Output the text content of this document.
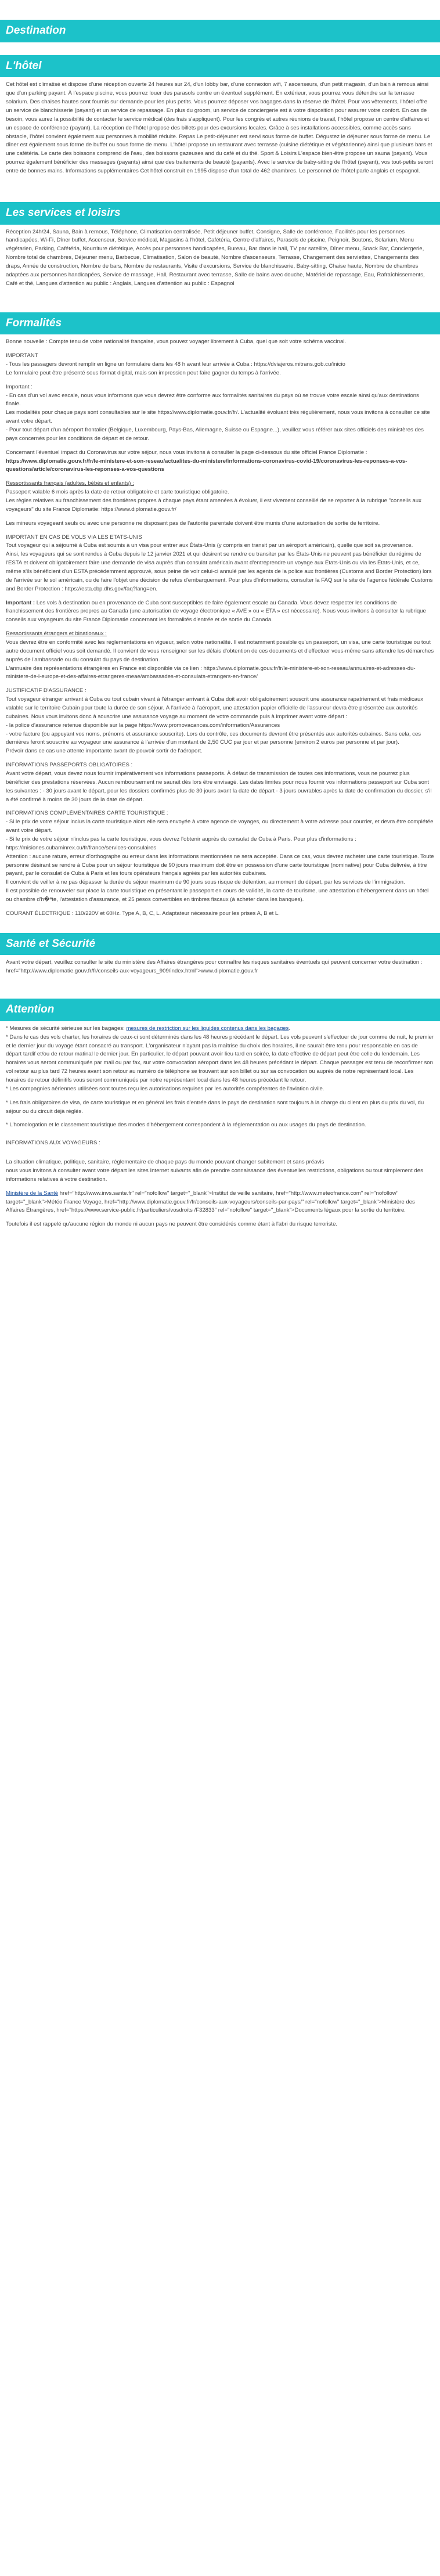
Destination
L'hôtel

Cet hôtel est climatisé et dispose d'une réception ouverte 24 heures sur 24, d'un lobby bar, d'une connexion wifi, 7 ascenseurs, d'un petit magasin, d'un bain à remous ainsi que d'un parking payant. À l'espace piscine, vous pourrez louer des parasols contre un éventuel supplément. En extérieur, vous pourrez vous détendre sur la terrasse solarium. Des chaises hautes sont fournis sur demande pour les plus petits. Vous pourrez déposer vos bagages dans la réserve de l'hôtel. Pour vos vêtements, l'hôtel offre un service de blanchisserie (payant) et un service de repassage. En plus du groom, un service de conciergerie est à votre disposition pour assurer votre confort. En cas de besoin, vous aurez la possibilité de contacter le service médical (des frais s'appliquent). Pour les congrès et autres réunions de travail, l'hôtel propose un centre d'affaires et un espace de conférence (payant). La réception de l'hôtel propose des billets pour des excursions locales. Grâce à ses installations accessibles, comme accès sans obstacle, l'hôtel convient également aux personnes à mobilité réduite. Repas Le petit-déjeuner est servi sous forme de buffet. Dégustez le déjeuner sous forme de menu. Le dîner est également sous forme de buffet ou sous forme de menu. L'hôtel propose un restaurant avec terrasse (cuisine diététique et végétarienne) ainsi que plusieurs bars et une cafétéria. Le carte des boissons comprend de l'eau, des boissons gazeuses and du café et du thé. Sport & Loisirs L'espace bien-être propose un sauna (payant). Vous pourrez également bénéficier des massages (payants) ainsi que des traitements de beauté (payants). Avec le service de baby-sitting de l'hôtel (payant), vos tout-petits seront entre de bonnes mains. Informations supplémentaires Cet hôtel construit en 1995 dispose d'un total de 462 chambres. Le personnel de l'hôtel parle anglais et espagnol.

Les services et loisirs

Réception 24h/24, Sauna, Bain à remous, Téléphone, Climatisation centralisée, Petit déjeuner buffet, Consigne, Salle de conférence, Facilités pour les personnes handicapées, Wi-Fi, Dîner buffet, Ascenseur, Service médical, Magasins à l'hôtel, Cafétéria, Centre d'affaires, Parasols de piscine, Peignoir, Boutons, Solarium, Menu végétarien, Parking, Cafétéria, Nourriture diététique, Accès pour personnes handicapées, Bureau, Bar dans le hall, TV par satellite, Dîner menu, Snack Bar, Conciergerie, Nombre total de chambres, Déjeuner menu, Barbecue, Climatisation, Salon de beauté, Nombre d'ascenseurs, Terrasse, Changement des serviettes, Changements des draps, Année de construction, Nombre de bars, Nombre de restaurants, Visite d'excursions, Service de blanchisserie, Baby-sitting, Chaise haute, Nombre de chambres adaptées aux personnes handicapées, Service de massage, Hall, Restaurant avec terrasse, Salle de bains avec douche, Matériel de repassage, Eau, Rafraîchissements, Café et thé, Langues d'attention au public : Anglais, Langues d'attention au public : Espagnol

Formalités

Bonne nouvelle : Compte tenu de votre nationalité française, vous pouvez voyager librement à Cuba, quel que soit votre schéma vaccinal.

IMPORTANT

- Tous les passagers devront remplir en ligne un formulaire dans les 48 h avant leur arrivée à Cuba : https://dviajeros.mitrans.gob.cu/inicio
Le formulaire peut être présenté sous format digital, mais son impression peut faire gagner du temps à l'arrivée.

Important :

- En cas d'un vol avec escale, nous vous informons que vous devrez être conforme aux formalités sanitaires du pays où se trouve votre escale ainsi qu'aux destinations finale.
Les modalités pour chaque pays sont consultables sur le site https://www.diplomatie.gouv.fr/fr/. L'actualité évoluant très régulièrement, nous vous invitons à consulter ce site avant votre départ.
- Pour tout départ d'un aéroport frontalier (Belgique, Luxembourg, Pays-Bas, Allemagne, Suisse ou Espagne...), veuillez vous référer aux sites officiels des ministères des pays concernés pour les conditions de départ et de retour.

Concernant l'éventuel impact du Coronavirus sur votre séjour, nous vous invitons à consulter la page ci-dessous du site officiel France Diplomatie :

https://www.diplomatie.gouv.fr/fr/le-ministere-et-son-reseau/actualites-du-ministere/informations-coronavirus-covid-19/coronavirus-les-reponses-a-vos-questions/article/coronavirus-les-reponses-a-vos-questions

Ressortissants français (adultes, bébés et enfants) :

Passeport valable 6 mois après la date de retour obligatoire et carte touristique obligatoire.
Les règles relatives au franchissement des frontières propres à chaque pays étant amenées à évoluer, il est vivement conseillé de se reporter à la rubrique "conseils aux voyageurs" du site France Diplomatie: https://www.diplomatie.gouv.fr/

Les mineurs voyageant seuls ou avec une personne ne disposant pas de l'autorité parentale doivent être munis d'une autorisation de sortie de territoire.

IMPORTANT EN CAS DE VOLS VIA LES ETATS-UNIS

Tout voyageur qui a séjourné à Cuba est soumis à un visa pour entrer aux États-Unis (y compris en transit par un aéroport américain), quelle que soit sa provenance.
Ainsi, les voyageurs qui se sont rendus à Cuba depuis le 12 janvier 2021 et qui désirent se rendre ou transiter par les États-Unis ne peuvent pas bénéficier du régime de l'ESTA et doivent obligatoirement faire une demande de visa auprès d'un consulat américain avant d'entreprendre un voyage aux États-Unis ou via les États-Unis, et ce, même s'ils bénéficient d'un ESTA précédemment approuvé, sous peine de voir celui-ci annulé par les agents de la police aux frontières (Customs and Border Protection) lors de l'arrivée sur le sol américain, ou de faire l'objet une décision de refus d'embarquement. Pour plus d'informations, consulter la FAQ sur le site de l'agence fédérale Customs and Border Protection : https://esta.cbp.dhs.gov/faq?lang=en.

Important : Les vols à destination ou en provenance de Cuba sont susceptibles de faire également escale au Canada. Vous devez respecter les conditions de franchissement des frontières propres au Canada (une autorisation de voyage électronique « AVE » ou « ETA » est nécessaire). Nous vous invitons à consulter la rubrique conseils aux voyageurs du site France Diplomatie concernant les formalités d'entrée et de sortie du Canada.

Ressortissants étrangers et binationaux :

Vous devrez être en conformité avec les réglementations en vigueur, selon votre nationalité. Il est notamment possible qu'un passeport, un visa, une carte touristique ou tout autre document officiel vous soit demandé. Il convient de vous renseigner sur les délais d'obtention de ces documents et d'effectuer vous-même sans attendre les démarches auprès de l'ambassade ou du consulat du pays de destination.
L'annuaire des représentations étrangères en France est disponible via ce lien : https://www.diplomatie.gouv.fr/fr/le-ministere-et-son-reseau/annuaires-et-adresses-du-ministere-de-l-europe-et-des-affaires-etrangeres-meae/ambassades-et-consulats-etrangers-en-france/

JUSTIFICATIF D'ASSURANCE :

Tout voyageur étranger arrivant à Cuba ou tout cubain vivant à l'étranger arrivant à Cuba doit avoir obligatoirement souscrit une assurance rapatriement et frais médicaux valable sur le territoire Cubain pour toute la durée de son séjour. À l'arrivée à l'aéroport, une attestation papier officielle de l'assureur devra être présentée aux autorités cubaines. Nous vous invitons donc à souscrire une assurance voyage au moment de votre commande puis à imprimer avant votre départ :
- la police d'assurance retenue disponible sur la page https://www.promovacances.com/information/Assurances
- votre facture (ou appuyant vos noms, prénoms et assurance souscrite). Lors du contrôle, ces documents devront être présentés aux autorités cubaines. Sans cela, ces dernières feront souscrire au voyageur une assurance à l'arrivée d'un montant de 2,50 CUC par jour et par personne (environ 2 euros par personne et par jour).
Prévoir dans ce cas une attente importante avant de pouvoir sortir de l'aéroport.

INFORMATIONS PASSEPORTS OBLIGATOIRES :

Avant votre départ, vous devez nous fournir impérativement vos informations passeports. À défaut de transmission de toutes ces informations, vous ne pourrez plus bénéficier des prestations réservées. Aucun remboursement ne saurait dès lors être envisagé. Les dates limites pour nous fournir vos informations passeport sur Cuba sont les suivantes : - 30 jours avant le départ, pour les dossiers confirmés plus de 30 jours avant la date de départ - 3 jours ouvrables après la date de confirmation du dossier, s'il a été confirmé à moins de 30 jours de la date de départ.

INFORMATIONS COMPLÉMENTAIRES CARTE TOURISTIQUE :

- Si le prix de votre séjour inclus la carte touristique alors elle sera envoyée à votre agence de voyages, ou directement à votre adresse pour courrier, et devra être complétée avant votre départ.
- Si le prix de votre séjour n'inclus pas la carte touristique, vous devrez l'obtenir auprès du consulat de Cuba à Paris. Pour plus d'informations : https://misiones.cubaminrex.cu/fr/france/services-consulaires
Attention : aucune rature, erreur d'orthographe ou erreur dans les informations mentionnées ne sera acceptée. Dans ce cas, vous devrez racheter une carte touristique. Toute personne désirant se rendre à Cuba pour un séjour touristique de 90 jours maximum doit être en possession d'une carte touristique (nominative) pour Cuba délivrée, à titre payant, par le consulat de Cuba à Paris et les tours opérateurs français agréés par les autorités cubaines.
Il convient de veiller à ne pas dépasser la durée du séjour maximum de 90 jours sous risque de détention, au moment du départ, par les services de l'immigration.
Il est possible de renouveler sur place la carte touristique en présentant le passeport en cours de validité, la carte de tourisme, une attestation d'hébergement dans un hôtel ou chambre d'h�ªte, l'attestation d'assurance, et 25 pesos convertibles en timbres fiscaux (à acheter dans les banques).

COURANT ÉLECTRIQUE : 110/220V et 60Hz. Type A, B, C, L. Adaptateur nécessaire pour les prises A, B et L.

Santé et Sécurité

Avant votre départ, veuillez consulter le site du ministère des Affaires étrangères pour connaître les risques sanitaires éventuels qui peuvent concerner votre destination : href="http://www.diplomatie.gouv.fr/fr/conseils-aux-voyageurs_909/index.html">www.diplomatie.gouv.fr

Attention

* Mesures de sécurité sérieuse sur les bagages: mesures de restriction sur les liquides contenus dans les bagages.
* Dans le cas des vols charter, les horaires de ceux-ci sont déterminés dans les 48 heures précédant le départ. Les vols peuvent s'effectuer de jour comme de nuit, le premier et le dernier jour du voyage étant consacré au transport. L'organisateur n'ayant pas la maîtrise du choix des horaires, il ne saurait être tenu pour responsable en cas de départ tardif et/ou de retour matinal le dernier jour. En particulier, le départ pouvant avoir lieu tard en soirée, la date effective de départ peut être celle du lendemain. Les horaires vous seront communiqués par mail ou par fax, sur votre convocation aéroport dans les 48 heures précédant le départ. Chaque passager est tenu de reconfirmer son vol retour au plus tard 72 heures avant son retour au numéro de téléphone se trouvant sur son billet ou sur sa convocation ou auprès de notre représentant local. Les horaires de retour définitifs vous seront communiqués par notre représentant local dans les 48 heures précédant le retour.
* Les compagnies aériennes utilisées sont toutes reçu les autorisations requises par les autorités compétentes de l'aviation civile.

* Les frais obligatoires de visa, de carte touristique et en général les frais d'entrée dans le pays de destination sont toujours à la charge du client en plus du prix du vol, du séjour ou du circuit déjà réglés.

* L'homologation et le classement touristique des modes d'hébergement correspondent à la réglementation ou aux usages du pays de destination.

INFORMATIONS AUX VOYAGEURS :

La situation climatique, politique, sanitaire, réglementaire de chaque pays du monde pouvant changer subitement et sans préavis
nous vous invitons à consulter avant votre départ les sites Internet suivants afin de prendre connaissance des éventuelles restrictions, obligations ou tout simplement des informations relatives à votre destination.

Ministère de la Santé href="http://www.invs.sante.fr" rel="nofollow" target="_blank">Institut de veille sanitaire, href="http://www.meteofrance.com" rel="nofollow" target="_blank">Météo France Voyage, href="http://www.diplomatie.gouv.fr/fr/conseils-aux-voyageurs/conseils-par-pays/" rel="nofollow" target="_blank">Ministère des Affaires Étrangères, href="https://www.service-public.fr/particuliers/vosdroits /F32833" rel="nofollow" target="_blank">Documents légaux pour la sortie du territoire.

Toutefois il est rappelé qu'aucune région du monde ni aucun pays ne peuvent être considérés comme étant à l'abri du risque terroriste.
